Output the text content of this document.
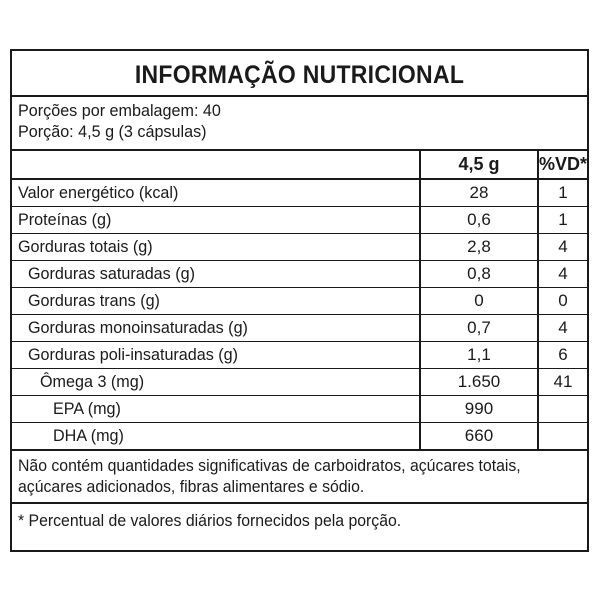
INFORMAÇÃO NUTRICIONAL
Porções por embalagem: 40
Porção: 4,5 g (3 cápsulas)
	4,5 g	%VD*
Valor energético (kcal)	28	1
Proteínas (g)	0,6	1
Gorduras totais (g)	2,8	4
Gorduras saturadas (g)	0,8	4
Gorduras trans (g)	0	0
Gorduras monoinsaturadas (g)	0,7	4
Gorduras poli-insaturadas (g)	1,1	6
Ômega 3 (mg)	1.650	41
EPA (mg)	990	
DHA (mg)	660	
Não contém quantidades significativas de carboidratos, açúcares totais,
açúcares adicionados, fibras alimentares e sódio.
* Percentual de valores diários fornecidos pela porção.
